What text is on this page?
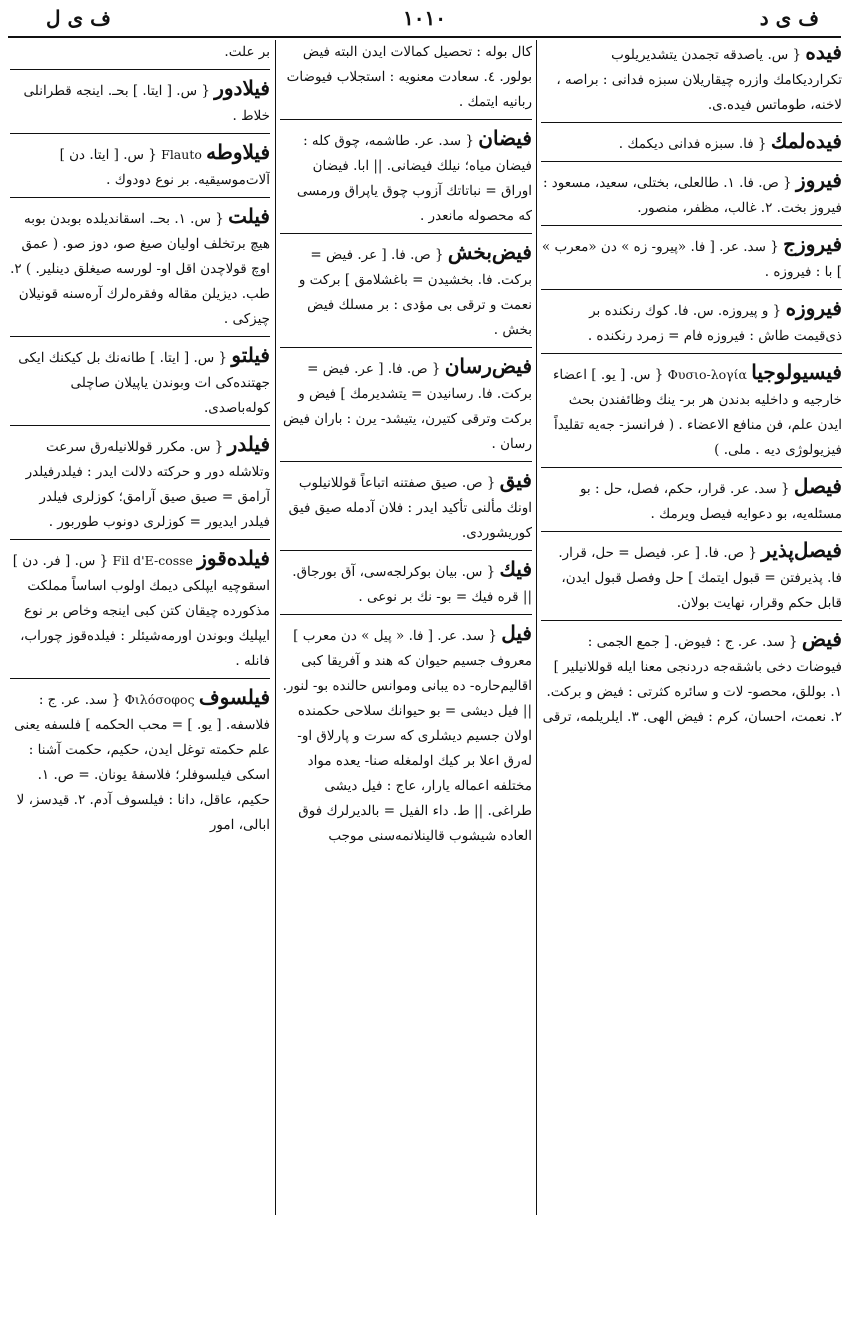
ف ى د
١٠١٠
ف ى ل

فيده { س. ياصدقه تجمدن يتشديريلوب تكراردیکامك وازره چيقاريلان سبزه فدانى : براصه ، لاخنه، طوماتس فيده.ى.

فيده‌لمك { فا. سبزه فدانى ديكمك .

فيروز { ص. فا. ١. طالعلى، بختلى، سعيد، مسعود : فيروز بخت. ٢. غالب، مظفر، منصور.

فيروزج { سد. عر. [ فا. «پيرو- زه » دن «معرب » ] با : فيروزه .

فيروزه { و پيروزه. س. فا. كوك رنكنده بر ذى‌قيمت طاش : فيروزه فام = زمرد رنكنده .

فيسيولوجيا Φυσιο-λογία { س. [ يو. ] اعضاء خارجيه و داخليه بدندن هر بر- ينك وظائفندن بحث ايدن علم، فن منافع الاعضاء . ( فرانسز- جه‌يه تقليداً فيزيولوژى ديه . ملى. )

فيصل { سد. عر. قرار، حكم، فصل، حل : بو مسئله‌يه، بو دعوايه فيصل ويرمك .

فيصل‌پذير { ص. فا. [ عر. فيصل = حل، قرار. فا. پذيرفتن = قبول ايتمك ] حل وفصل قبول ايدن، قابل حكم وقرار، نهايت بولان.

فيض { سد. عر. ج : فيوض. [ جمع الجمى : فيوضات دخى باشقه‌جه دردنجى معنا ايله قوللانيلير ] ١. بوللق، محصو- لات و سائره كثرتى : فيض و بركت. ٢. نعمت، احسان، كرم : فيض الهى. ٣. ايلريلمه، ترقى

كال بوله : تحصيل كمالات ايدن البته فيض بولور. ٤. سعادت معنويه : استجلاب فيوضات ربانيه ايتمك .

فيضان { سد. عر. طاشمه، چوق كله : فيضان مياه؛ نيلك فيضانى. || ابا. فيضان اوراق = نباتاتك آزوب چوق ياپراق ورمسى كه محصوله مانعدر .

فيض‌بخش { ص. فا. [ عر. فيض = بركت. فا. بخشيدن = باغشلامق ] بركت و نعمت و ترقى بى مؤدى : بر مسلك فيض بخش .

فيض‌رسان { ص. فا. [ عر. فيض = بركت. فا. رسانيدن = يتشديرمك ] فيض و بركت وترقى كتيرن، يتيشد- يرن : باران فيض رسان .

فيق { ص. صيق صفتنه اتباعاً قوللانيلوب اونك مألنى تأكيد ايدر : فلان آدمله صيق فيق كوريشوردى.

فيك { س. بيان بوكرلجه‌سى، آق بورجاق. || قره فيك = بو- نك بر نوعى .

فيل { سد. عر. [ فا. « پيل » دن معرب ] معروف جسيم حيوان كه هند و آفريقا كبى اقاليم‌حاره- ده يبانى وموانس حالنده بو- لنور. || فيل ديشى = بو حيوانك سلاحى حكمنده اولان جسيم ديشلرى كه سرت و پارلاق او- لەرق اعلا بر كيك اولمغله صنا- يعده مواد مختلفه اعماله يارار، عاج : فيل ديشى طراغى. || ط. داء الفيل = بالديرلرك فوق العاده شيشوب قالينلانمه‌سنى موجب

بر علت.

فيلادور { س. [ ايتا. ] بحـ. اينجه قطرانلى خلاط .

فيلاوطه Flauto { س. [ ايتا. دن ] آلات‌موسيقيه. بر نوع دودوك .

فيلت { س. ١. بحـ. اسقانديلده بوبدن بوبه هيچ برتخلف اوليان صيغ صو، دوز صو. ( عمق اوچ قولاچدن اقل او- لورسه صيغلق دينلير. ) ٢. طب. ديزيلن مقاله وفقره‌لرك آره‌سنه قونيلان چيزكى .

فيلتو { س. [ ايتا. ] طانه‌نك بل كيكنك ايكى جهتنده‌كى ات وبوندن ياپيلان صاچلى كوله‌باصدى.

فيلدر { س. مكرر قوللانيله‌رق سرعت وتلاشله دور و حركته دلالت ايدر : فيلدرفيلدر آرامق = صيق صيق آرامق؛ كوزلرى فيلدر فيلدر ايديور = كوزلرى دونوب طوربور .

فيلده‌قوز Fil d'E-cosse { س. [ فر. دن ] اسقوچيه ايپلكى ديمك اولوب اساساً مملكت مذكورده چيقان كتن كبى اينجه وخاص بر نوع ايپليك وبوندن اورمه‌شيئلر : فيلده‌قوز چوراب، فانله .

فيلسوف Φιλόσοφος { سد. عر. ج : فلاسفه. [ يو. ] = محب الحكمه ] فلسفه يعنى علم حكمته توغل ايدن، حكيم، حكمت آشنا : اسكى فيلسوفلر؛ فلاسفهٔ يونان. = ص. ١. حكيم، عاقل، دانا : فيلسوف آدم. ٢. قيدسز، لا ابالى، امور
